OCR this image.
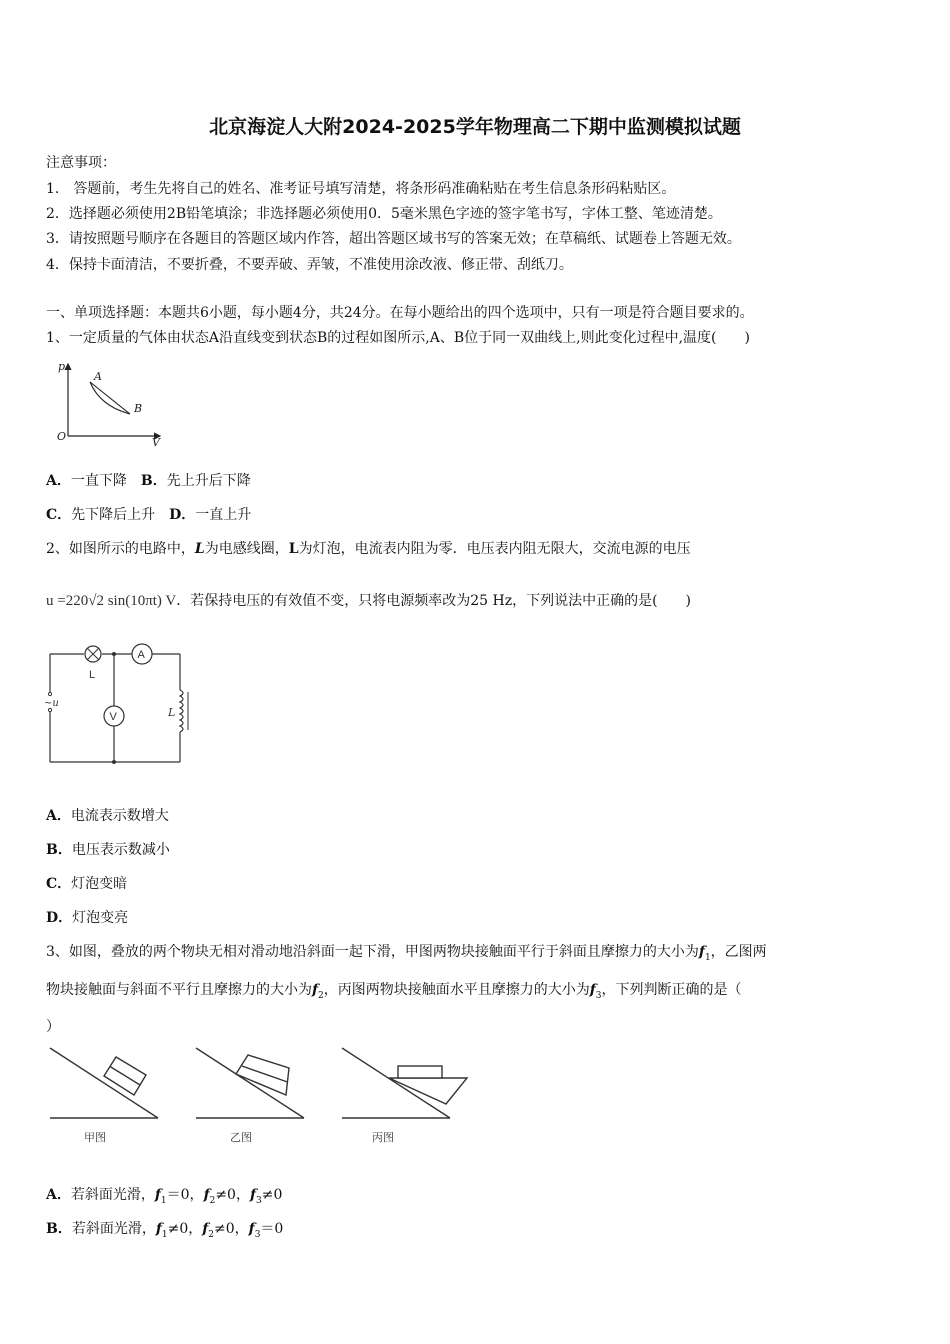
北京海淀人大附2024-2025学年物理高二下期中监测模拟试题
注意事项：
1.　答题前，考生先将自己的姓名、准考证号填写清楚，将条形码准确粘贴在考生信息条形码粘贴区。
2．选择题必须使用2B铅笔填涂；非选择题必须使用0．5毫米黑色字迹的签字笔书写，字体工整、笔迹清楚。
3．请按照题号顺序在各题目的答题区域内作答，超出答题区域书写的答案无效；在草稿纸、试题卷上答题无效。
4．保持卡面清洁，不要折叠，不要弄破、弄皱，不准使用涂改液、修正带、刮纸刀。
一、单项选择题：本题共6小题，每小题4分，共24分。在每小题给出的四个选项中，只有一项是符合题目要求的。
1、一定质量的气体由状态A沿直线变到状态B的过程如图所示,A、B位于同一双曲线上,则此变化过程中,温度(　　)
p
V
O
A
B
A．一直下降　 B．先上升后下降
C．先下降后上升　 D．一直上升
2、如图所示的电路中，L为电感线圈，L为灯泡，电流表内阻为零．电压表内阻无限大，交流电源的电压
u =220√2 sin(10πt) V．若保持电压的有效值不变，只将电源频率改为25 Hz，下列说法中正确的是(　　)
L
A
V
~u
L
A．电流表示数增大
B．电压表示数减小
C．灯泡变暗
D．灯泡变亮
3、如图，叠放的两个物块无相对滑动地沿斜面一起下滑，甲图两物块接触面平行于斜面且摩擦力的大小为$f_1$，乙图两
物块接触面与斜面不平行且摩擦力的大小为$f_2$，丙图两物块接触面水平且摩擦力的大小为$f_3$，下列判断正确的是（
）
甲图	乙图	丙图
A．若斜面光滑，$f_1=0$，$f_2\ne 0$，$f_3\ne 0$
B．若斜面光滑，$f_1\ne 0$，$f_2\ne 0$，$f_3=0$
